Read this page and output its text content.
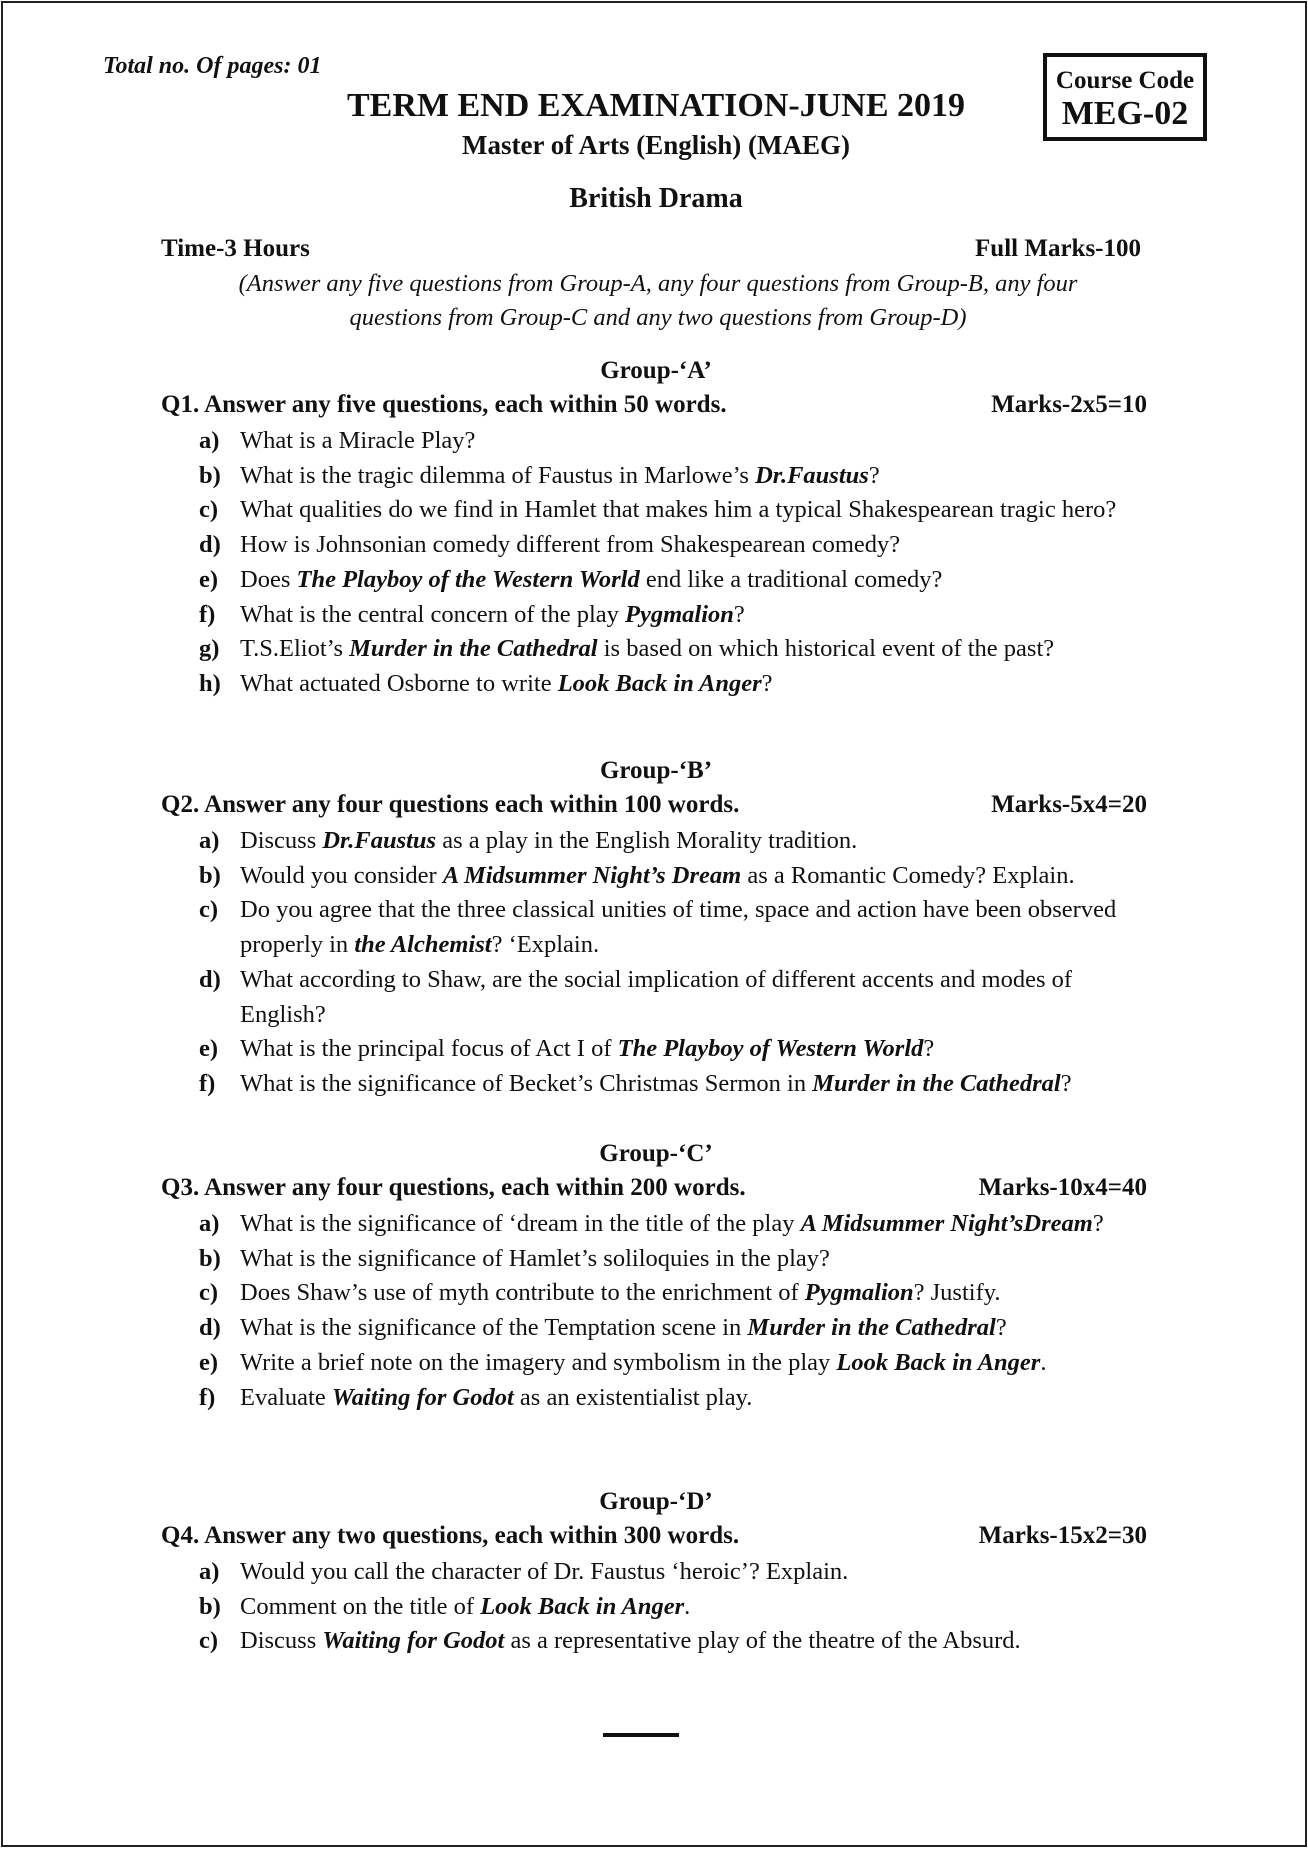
Total no. Of pages: 01
Course Code
MEG-02
TERM END EXAMINATION-JUNE 2019
Master of Arts (English) (MAEG)
British Drama
Time-3 Hours	Full Marks-100
(Answer any five questions from Group-A, any four questions from Group-B, any four questions from Group-C and any two questions from Group-D)
Group-‘A’
Q1. Answer any five questions, each within 50 words.	Marks-2x5=10
a) What is a Miracle Play?
b) What is the tragic dilemma of Faustus in Marlowe’s Dr.Faustus?
c) What qualities do we find in Hamlet that makes him a typical Shakespearean tragic hero?
d) How is Johnsonian comedy different from Shakespearean comedy?
e) Does The Playboy of the Western World end like a traditional comedy?
f)	What is the central concern of the play Pygmalion?
g) T.S.Eliot’s Murder in the Cathedral is based on which historical event of the past?
h) What actuated Osborne to write Look Back in Anger?
Group-‘B’
Q2. Answer any four questions each within 100 words.	Marks-5x4=20
a) Discuss Dr.Faustus as a play in the English Morality tradition.
b) Would you consider A Midsummer Night’s Dream as a Romantic Comedy? Explain.
c) Do you agree that the three classical unities of time, space and action have been observed properly in the Alchemist? ‘Explain.
d) What according to Shaw, are the social implication of different accents and modes of English?
e) What is the principal focus of Act I of The Playboy of Western World?
f)	What is the significance of Becket’s Christmas Sermon in Murder in the Cathedral?
Group-‘C’
Q3. Answer any four questions, each within 200 words.	Marks-10x4=40
a) What is the significance of ‘dream in the title of the play A Midsummer Night’sDream?
b) What is the significance of Hamlet’s soliloquies in the play?
c) Does Shaw’s use of myth contribute to the enrichment of Pygmalion? Justify.
d) What is the significance of the Temptation scene in Murder in the Cathedral?
e) Write a brief note on the imagery and symbolism in the play Look Back in Anger.
f)	Evaluate Waiting for Godot as an existentialist play.
Group-‘D’
Q4. Answer any two questions, each within 300 words.	Marks-15x2=30
a) Would you call the character of Dr. Faustus ‘heroic’? Explain.
b) Comment on the title of Look Back in Anger.
c) Discuss Waiting for Godot as a representative play of the theatre of the Absurd.
